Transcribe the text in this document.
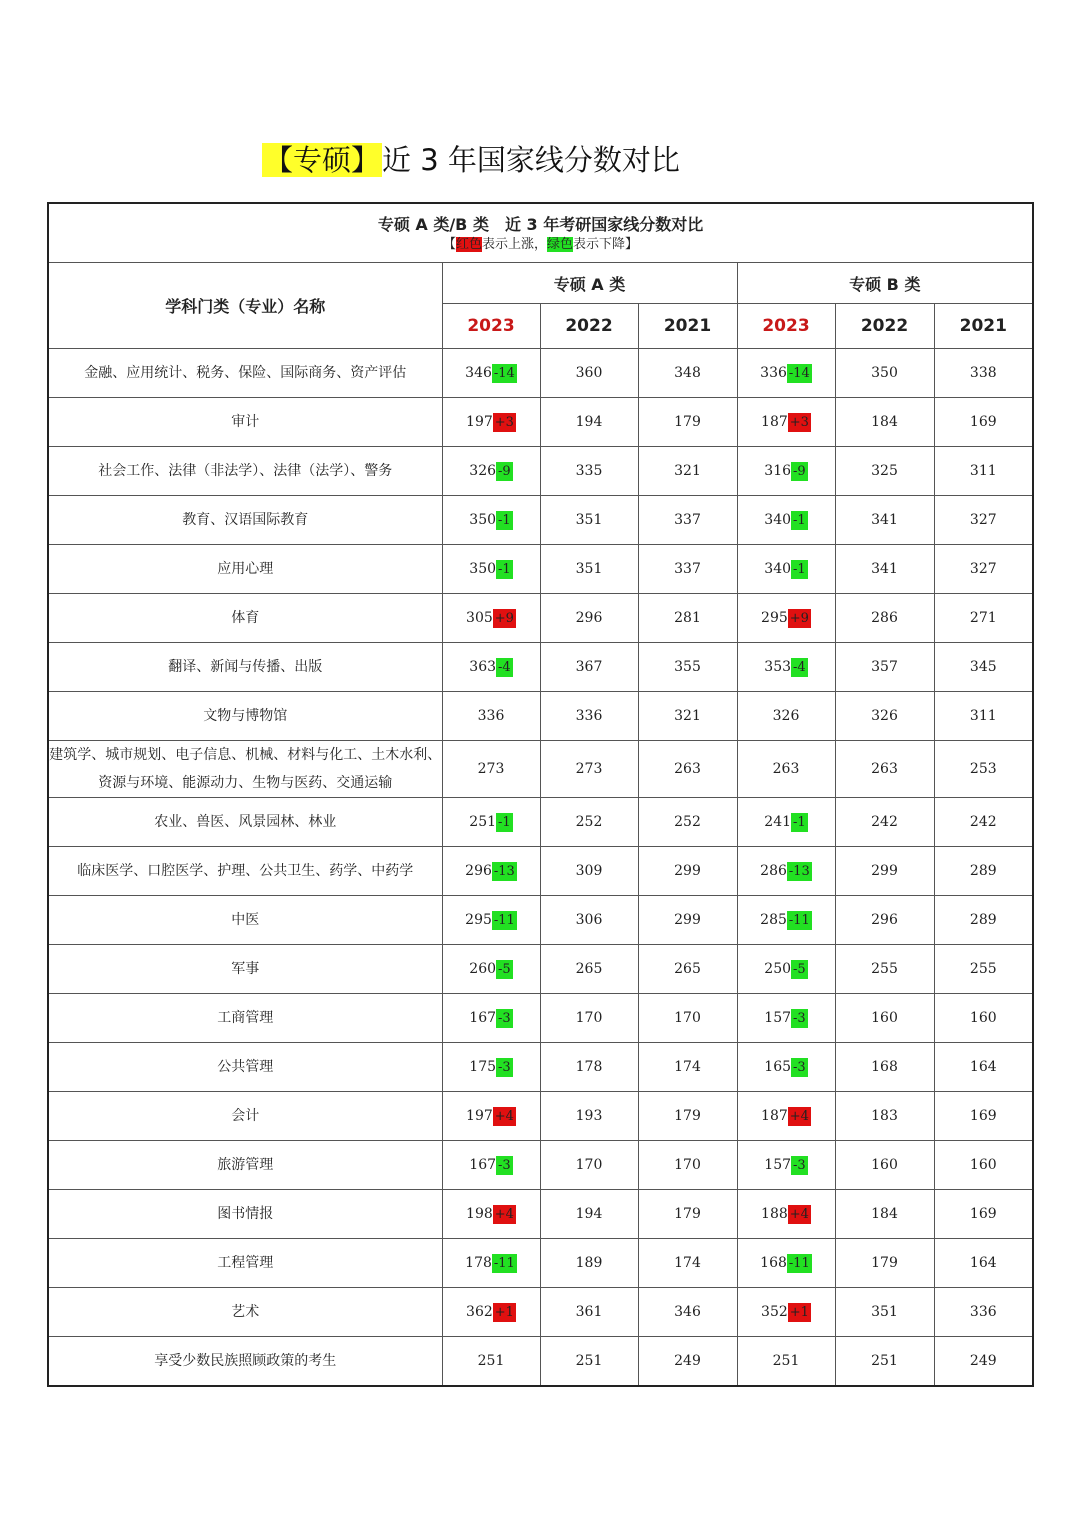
【专硕】近 3 年国家线分数对比
专硕 A 类/B 类　近 3 年考研国家线分数对比
【红色表示上涨，绿色表示下降】						

学科门类（专业）名称	专硕 A 类			专硕 B 类		
	2023	2022	2021	2023	2022	2021
金融、应用统计、税务、保险、国际商务、资产评估	346 -14	360	348	336 -14	350	338
审计	197 +3	194	179	187 +3	184	169
社会工作、法律（非法学）、法律（法学）、警务	326 -9	335	321	316 -9	325	311
教育、汉语国际教育	350 -1	351	337	340 -1	341	327
应用心理	350 -1	351	337	340 -1	341	327
体育	305 +9	296	281	295 +9	286	271
翻译、新闻与传播、出版	363 -4	367	355	353 -4	357	345
文物与博物馆	336	336	321	326	326	311
建筑学、城市规划、电子信息、机械、材料与化工、土木水利、资源与环境、能源动力、生物与医药、交通运输	273	273	263	263	263	253
农业、兽医、风景园林、林业	251 -1	252	252	241 -1	242	242
临床医学、口腔医学、护理、公共卫生、药学、中药学	296 -13	309	299	286 -13	299	289
中医	295 -11	306	299	285 -11	296	289
军事	260 -5	265	265	250 -5	255	255
工商管理	167 -3	170	170	157 -3	160	160
公共管理	175 -3	178	174	165 -3	168	164
会计	197 +4	193	179	187 +4	183	169
旅游管理	167 -3	170	170	157 -3	160	160
图书情报	198 +4	194	179	188 +4	184	169
工程管理	178 -11	189	174	168 -11	179	164
艺术	362 +1	361	346	352 +1	351	336
享受少数民族照顾政策的考生	251	251	249	251	251	249
